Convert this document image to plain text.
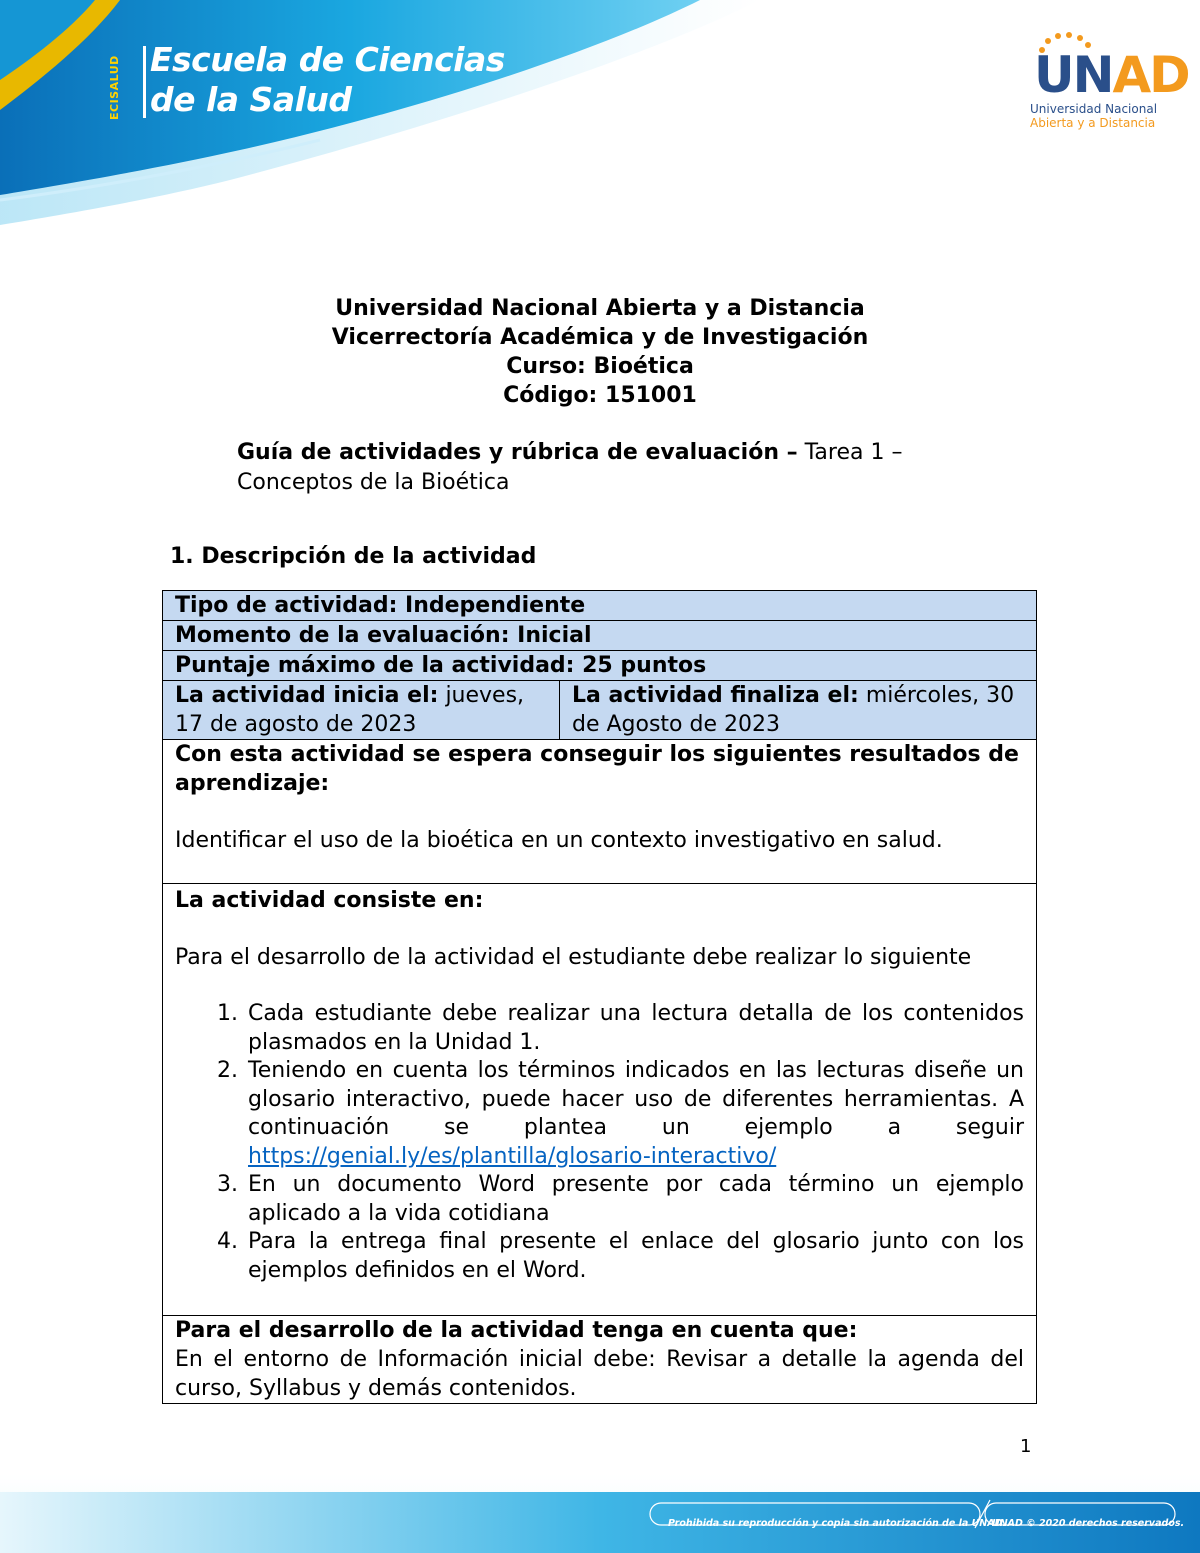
ECISALUD Escuela de Ciencias
de la Salud	UNAD
Universidad Nacional
Abierta y a Distancia
Universidad Nacional Abierta y a Distancia
Vicerrectoría Académica y de Investigación
Curso: Bioética
Código: 151001
Guía de actividades y rúbrica de evaluación – Tarea 1 – Conceptos de la Bioética
1. Descripción de la actividad
Tipo de actividad: Independiente
Momento de la evaluación: Inicial
Puntaje máximo de la actividad: 25 puntos
La actividad inicia el: jueves, 17 de agosto de 2023	La actividad finaliza el: miércoles, 30 de Agosto de 2023

Con esta actividad se espera conseguir los siguientes resultados de aprendizaje:
Identificar el uso de la bioética en un contexto investigativo en salud.

La actividad consiste en:
Para el desarrollo de la actividad el estudiante debe realizar lo siguiente
1. Cada estudiante debe realizar una lectura detalla de los contenidos plasmados en la Unidad 1.
2. Teniendo en cuenta los términos indicados en las lecturas diseñe un glosario interactivo, puede hacer uso de diferentes herramientas. A continuación se plantea un ejemplo a seguir https://genial.ly/es/plantilla/glosario-interactivo/
3. En un documento Word presente por cada término un ejemplo aplicado a la vida cotidiana
4. Para la entrega final presente el enlace del glosario junto con los ejemplos definidos en el Word.

Para el desarrollo de la actividad tenga en cuenta que:
En el entorno de Información inicial debe: Revisar a detalle la agenda del curso, Syllabus y demás contenidos.
1
Prohibida su reproducción y copia sin autorización de la UNAD.
UNAD © 2020 derechos reservados.
